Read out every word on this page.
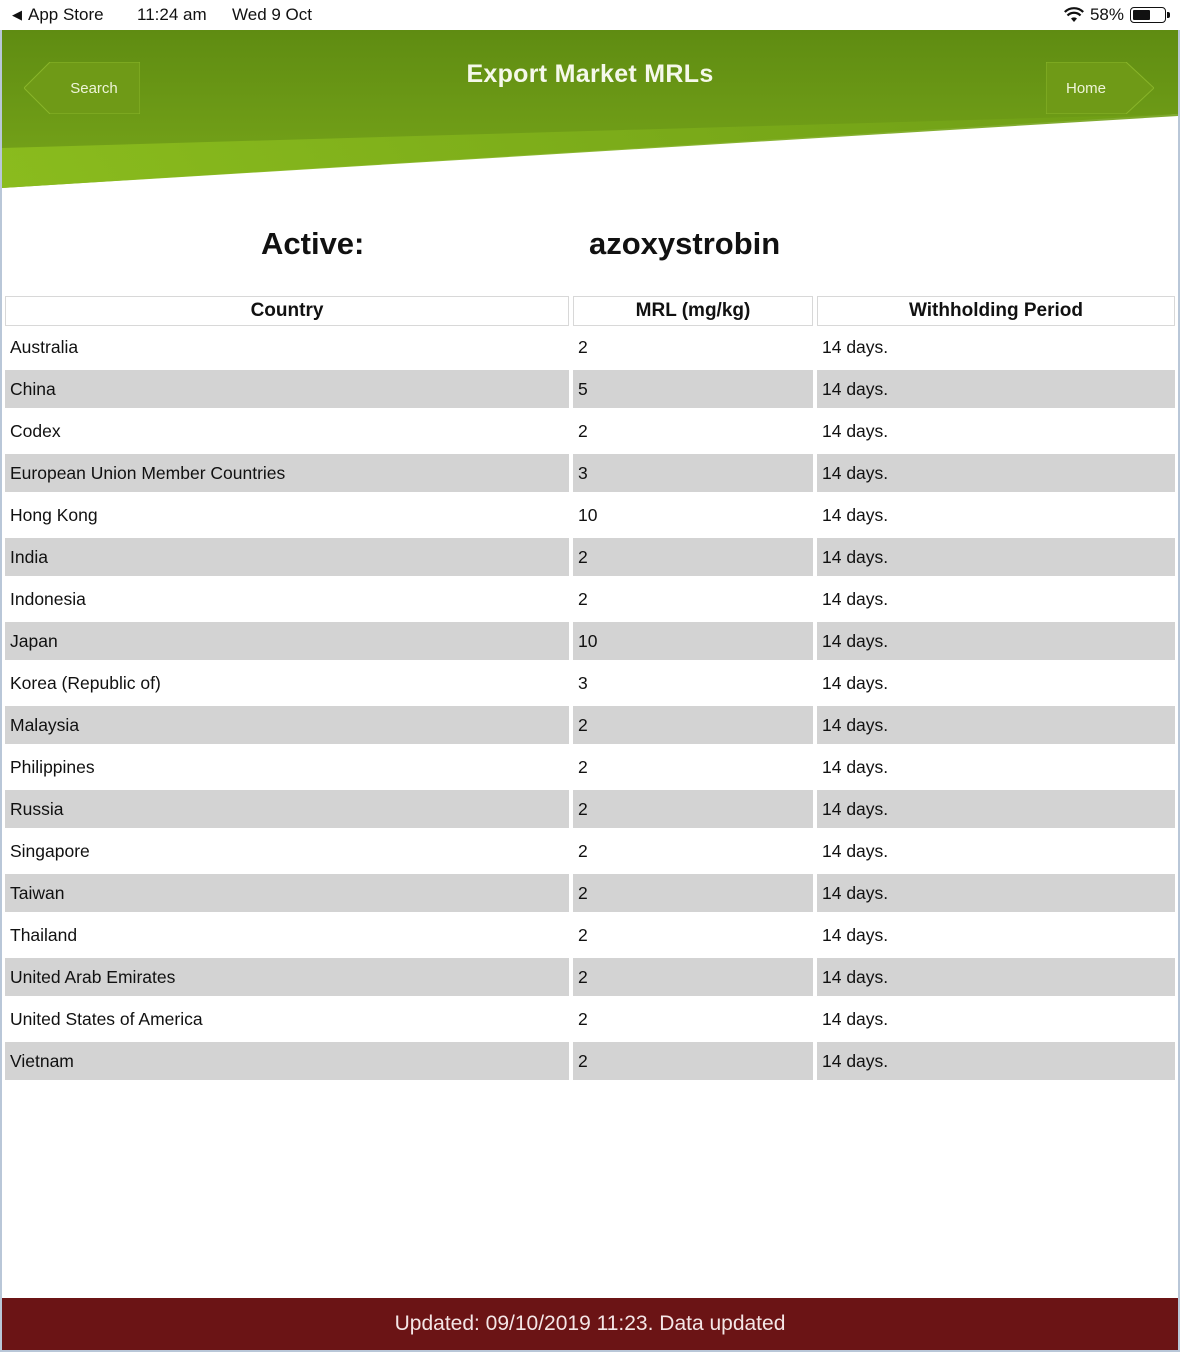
◀ App Store 11:24 am Wed 9 Oct	58%
Export Market MRLs
Search	Home
Active:	azoxystrobin
Country	MRL (mg/kg)	Withholding Period
Australia	2	14 days.
China	5	14 days.
Codex	2	14 days.
European Union Member Countries	3	14 days.
Hong Kong	10	14 days.
India	2	14 days.
Indonesia	2	14 days.
Japan	10	14 days.
Korea (Republic of)	3	14 days.
Malaysia	2	14 days.
Philippines	2	14 days.
Russia	2	14 days.
Singapore	2	14 days.
Taiwan	2	14 days.
Thailand	2	14 days.
United Arab Emirates	2	14 days.
United States of America	2	14 days.
Vietnam	2	14 days.
Updated: 09/10/2019 11:23. Data updated
